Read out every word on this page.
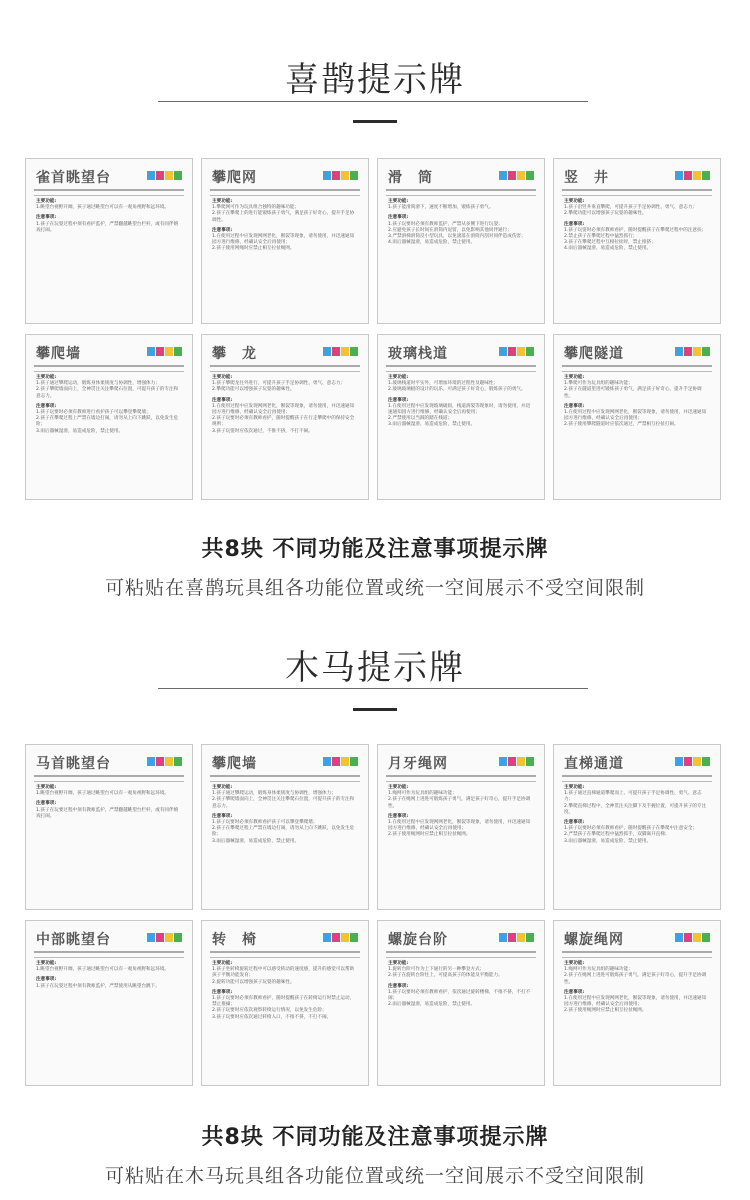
喜鹊提示牌
雀首眺望台
主要功能:
1.眺望台视野开阔，孩子通过眺望台可以有一观角视野和远环境。
注意事项:
1.孩子在玩耍过程中须有看护监护，严禁翻越眺望台栏杆，或有同伴嬉戏打闹。
攀爬网
主要功能:
1.攀爬网可作为玩具组合独特的趣味功能；
2.孩子在攀爬上的进行能锻炼孩子勇气，满足孩子好奇心，提升手足协调性。
注意事项:
1.在使用过程中应发现网网老化，断裂等现象，请勿使用，并迅速通知园方进行维修，经确认安全后再使用；
2.孩子使用网绳时应禁止相互拉扯绳网。
滑　筒
主要功能:
1.孩子能滑筒滑下，速度不断增加，锻炼孩子勇气。
注意事项:
1.孩子玩要时必须有教师监护，严禁从多侧下进行玩耍；
2.应避免孩子长时间在滑筒内逗留，以免影响其他同伴通行；
3.严禁滑梯滑筒反小型玩具，以免滚落在滑筒内刮对同伴造成伤害；
4.雨后器械湿滑，易造成危险，禁止使用。
竖　井
主要功能:
1.孩子沿竖井垂直攀爬，可提升孩子手足协调性、勇气、意志力；
2.攀爬功能可以增强孩子玩耍的趣味性。
注意事项:
1.孩子玩耍时必须有教师看护，随时提醒孩子在攀爬过程中的注意扶；
2.禁止孩子在攀爬过程中猛烈抓行；
3.孩子在攀爬过程中互相拉扯时，禁止推挤；
4.雨后器械湿滑，易造成危险，禁止使用。
攀爬墙
主要功能:
1.孩子通过攀爬运动，锻炼身体柔韧度与协调性，增强体力；
2.孩子攀爬墙面向上，全神贯注关注攀爬石位置，可提升孩子的专注和意志力。
注意事项:
1.孩子玩要时必须有教师进行看护孩子可以攀登攀爬墙；
2.孩子在攀爬过程上严禁在墙边打闹，请勿从上向下跳跃，以免发生危险；
3.雨后器械湿滑，易造成危险，禁止使用。
攀　龙
主要功能:
1.孩子攀爬龙往外进行，可提升孩子手足协调性、勇气、意志力；
2.攀爬功能可以增强孩子玩耍的趣味性。
注意事项:
1.在使用过程中应发现网网老化，断裂等现象，请勿使用，并迅速通知园方进行维修，经确认安全后再使用；
2.孩子玩要时必须有教师看护，随时提醒孩子在行走攀爬中的保持安全规则；
3.孩子玩耍时应依次通过，不推不挤，不打不闹。
玻璃栈道
主要功能:
1.玻璃栈道时平实外，可增加环境的过程性及趣味性；
2.玻璃玻璃板的设计的玩乐，可满足孩子好奇心，锻炼孩子的勇气。
注意事项:
1.在使用过程中应发现玻璃破损，栈道滑裂等现象时，请勿使用，并迅速通知园方进行维修，经确认安全后再使用；
2.严禁使用以当踩的踏在栈道；
3.雨后器械湿滑，易造成危险，禁止使用。
攀爬隧道
主要功能:
1.攀爬可作为玩具组的趣味功能；
2.孩子在隧道里进可锻炼孩子勇气，满足孩子好奇心，提升手足协调性。
注意事项:
1.在使用过程中应发现网网老化，断裂等现象，请勿使用，并迅速通知园方进行维修，经确认安全后再使用；
2.孩子使用攀爬隧道时应依次通过，严禁相互拉扯打闹。
共8块 不同功能及注意事项提示牌
可粘贴在喜鹊玩具组各功能位置或统一空间展示不受空间限制
木马提示牌
马首眺望台
主要功能:
1.眺望台视野开阔，孩子通过眺望台可以有一观角视野和远环境。
注意事项:
1.孩子在玩要过程中须有教师监护，严禁翻越眺望台栏杆，或有同伴嬉戏打闹。
攀爬墙
主要功能:
1.孩子通过攀爬运动，锻炼身体柔韧度与协调性，增强体力；
2.孩子攀爬墙面向上，全神贯注关注攀爬石位置，可提升孩子的专注和意志力。
注意事项:
1.孩子玩要时必须有教师看护孩子可以攀登攀爬墙；
2.孩子在攀爬过程上严禁在墙边打闹，请勿从上向下跳跃，以免发生危险；
3.雨后器械湿滑，易造成危险，禁止使用。
月牙绳网
主要功能:
1.绳网可作为玩具组的趣味功能；
2.孩子在绳网上进进可锻炼孩子勇气，满足孩子好奇心，提升手足协调性。
注意事项:
1.在使用过程中应发现网网老化，断裂等现象，请勿使用，并迅速通知园方进行维修，经确认安全后再使用；
2.孩子使用绳网时应禁止相互拉扯绳网。
直梯通道
主要功能:
1.孩子通过直梯通道攀爬而上，可提升孩子手足协调性、勇气、意志力；
2.攀爬直梯过程中，全神贯注关注脚下及手握位置，可提升孩子的专注度。
注意事项:
1.孩子玩要时必须有教师看护，随时提醒孩子在攀爬中注意安全；
2.严禁孩子在攀爬过程中猛烈抓手，双脚离开直梯；
3.雨后器械湿滑，易造成危险，禁止使用。
中部眺望台
主要功能:
1.眺望台视野开阔，孩子通过眺望台可以有一观角视野和远环境。
注意事项:
1.孩子在玩耍过程中须有教师监护，严禁使用从眺望台跳下。
转　椅
主要功能:
1.孩子坐转椅旋转过程中可以感受转动的速度感，提升的感觉可以帮助孩子平衡功能发育；
2.旋转功能可以增强孩子玩耍的趣味性。
注意事项:
1.孩子玩要时必须有教师看护，随时提醒孩子在转椅运行时禁止运动，禁止推搡；
2.孩子玩要时应依次观察转椅运行情况，以免发生危险；
3.孩子玩要时应依次通过转椅入口，不推不挤，不打不闹。
螺旋台阶
主要功能:
1.旋转台阶可作为上下通行的另一种攀登方式；
2.孩子在旋转台阶往上，可提高孩子的体能及平衡能力。
注意事项:
1.孩子玩要时必须有教师看护，依次通过旋转楼梯，不推不挤，不打不闹；
2.雨后器械湿滑，易造成危险，禁止使用。
螺旋绳网
主要功能:
1.绳网可作为玩具组的趣味功能；
2.孩子在绳网上进进可锻炼孩子勇气，满足孩子好奇心，提升手足协调性。
注意事项:
1.在使用过程中应发现网网老化，断裂等现象，请勿使用，并迅速通知园方进行维修，经确认安全后再使用；
2.孩子使用绳网时应禁止相互拉扯绳网。
共8块 不同功能及注意事项提示牌
可粘贴在木马玩具组各功能位置或统一空间展示不受空间限制
